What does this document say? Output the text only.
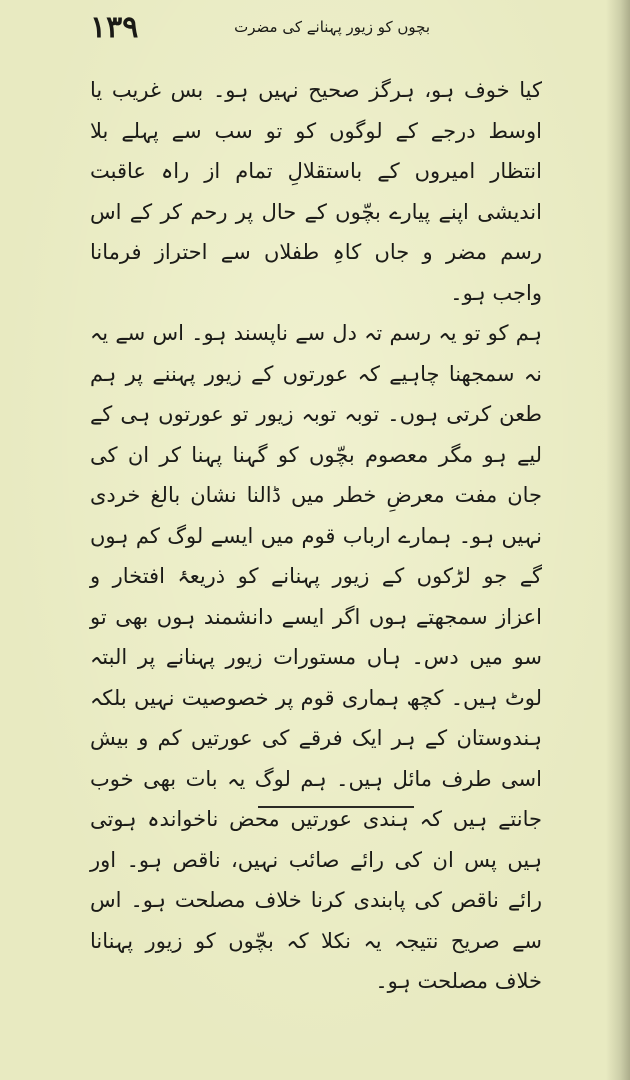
۱۳۹	بچوں کو زیور پہنانے کی مضرت

کیا خوف ہو، ہرگز صحیح نہیں ہو۔ بس غریب یا اوسط درجے کے لوگوں کو تو سب سے پہلے بلا انتظار امیروں کے باستقلالِ تمام از راہ عاقبت اندیشی اپنے پیارے بچّوں کے حال پر رحم کر کے اس رسم مضر و جاں کاہِ طفلاں سے احتراز فرمانا واجب ہو۔

ہم کو تو یہ رسم تہ دل سے ناپسند ہو۔ اس سے یہ نہ سمجھنا چاہیے کہ عورتوں کے زیور پہننے پر ہم طعن کرتی ہوں۔ توبہ توبہ زیور تو عورتوں ہی کے لیے ہو مگر معصوم بچّوں کو گہنا پہنا کر ان کی جان مفت معرضِ خطر میں ڈالنا نشان بالغ خردی نہیں ہو۔ ہمارے ارباب قوم میں ایسے لوگ کم ہوں گے جو لڑکوں کے زیور پہنانے کو ذریعۂ افتخار و اعزاز سمجھتے ہوں اگر ایسے دانشمند ہوں بھی تو سو میں دس۔ ہاں مستورات زیور پہنانے پر البتہ لوٹ ہیں۔ کچھ ہماری قوم پر خصوصیت نہیں بلکہ ہندوستان کے ہر ایک فرقے کی عورتیں کم و بیش اسی طرف مائل ہیں۔ ہم لوگ یہ بات بھی خوب جانتے ہیں کہ ہندی عورتیں محض ناخواندہ ہوتی ہیں پس ان کی رائے صائب نہیں، ناقص ہو۔ اور رائے ناقص کی پابندی کرنا خلاف مصلحت ہو۔ اس سے صریح نتیجہ یہ نکلا کہ بچّوں کو زیور پہنانا خلاف مصلحت ہو۔
